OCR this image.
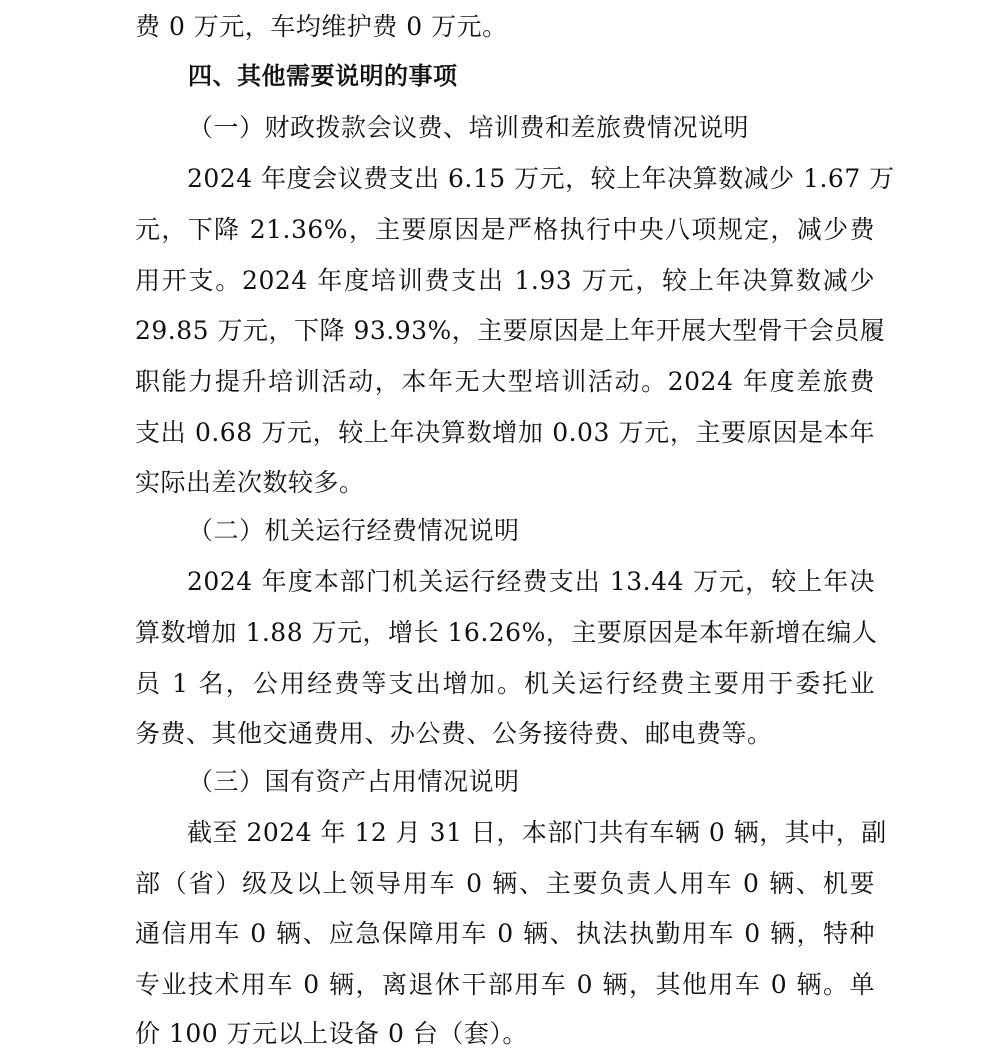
费 0 万元，车均维护费 0 万元。
四、其他需要说明的事项
（一）财政拨款会议费、培训费和差旅费情况说明
2024 年度会议费支出 6.15 万元，较上年决算数减少 1.67 万
元，下降 21.36%，主要原因是严格执行中央八项规定，减少费
用开支。2024 年度培训费支出 1.93 万元，较上年决算数减少
29.85 万元，下降 93.93%，主要原因是上年开展大型骨干会员履
职能力提升培训活动，本年无大型培训活动。2024 年度差旅费
支出 0.68 万元，较上年决算数增加 0.03 万元，主要原因是本年
实际出差次数较多。
（二）机关运行经费情况说明
2024 年度本部门机关运行经费支出 13.44 万元，较上年决
算数增加 1.88 万元，增长 16.26%，主要原因是本年新增在编人
员 1 名，公用经费等支出增加。机关运行经费主要用于委托业
务费、其他交通费用、办公费、公务接待费、邮电费等。
（三）国有资产占用情况说明
截至 2024 年 12 月 31 日，本部门共有车辆 0 辆，其中，副
部（省）级及以上领导用车 0 辆、主要负责人用车 0 辆、机要
通信用车 0 辆、应急保障用车 0 辆、执法执勤用车 0 辆，特种
专业技术用车 0 辆，离退休干部用车 0 辆，其他用车 0 辆。单
价 100 万元以上设备 0 台（套）。
